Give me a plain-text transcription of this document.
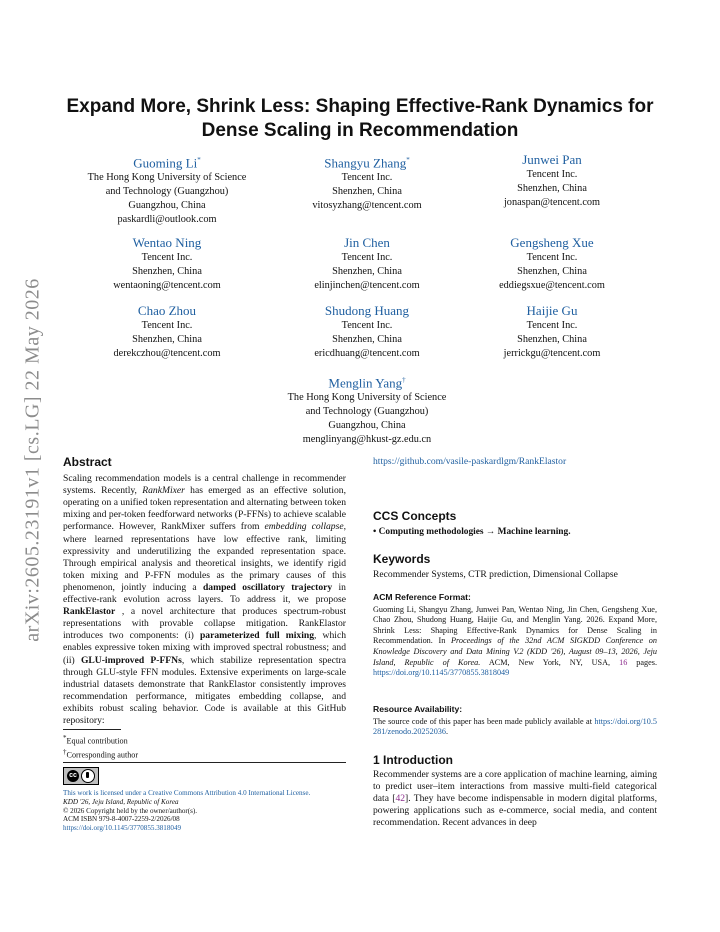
arXiv:2605.23191v1 [cs.LG] 22 May 2026
Expand More, Shrink Less: Shaping Effective-Rank Dynamics for
Dense Scaling in Recommendation
Guoming Li*
The Hong Kong University of Science
and Technology (Guangzhou)
Guangzhou, China
paskardli@outlook.com
Shangyu Zhang*
Tencent Inc.
Shenzhen, China
vitosyzhang@tencent.com
Junwei Pan
Tencent Inc.
Shenzhen, China
jonaspan@tencent.com
Wentao Ning
Tencent Inc.
Shenzhen, China
wentaoning@tencent.com
Jin Chen
Tencent Inc.
Shenzhen, China
elinjinchen@tencent.com
Gengsheng Xue
Tencent Inc.
Shenzhen, China
eddiegsxue@tencent.com
Chao Zhou
Tencent Inc.
Shenzhen, China
derekczhou@tencent.com
Shudong Huang
Tencent Inc.
Shenzhen, China
ericdhuang@tencent.com
Haijie Gu
Tencent Inc.
Shenzhen, China
jerrickgu@tencent.com
Menglin Yang†
The Hong Kong University of Science
and Technology (Guangzhou)
Guangzhou, China
menglinyang@hkust-gz.edu.cn
Abstract

Scaling recommendation models is a central challenge in recommender systems. Recently, RankMixer has emerged as an effective solution, operating on a unified token representation and alternating between token mixing and per-token feedforward networks (P-FFNs) to achieve scalable performance. However, RankMixer suffers from embedding collapse, where learned representations have low effective rank, limiting expressivity and underutilizing the expanded representation space. Through empirical analysis and theoretical insights, we identify rigid token mixing and P-FFN modules as the primary causes of this phenomenon, jointly inducing a damped oscillatory trajectory in effective-rank evolution across layers. To address it, we propose RankElastor , a novel architecture that produces spectrum-robust representations with provable collapse mitigation. RankElastor introduces two components: (i) parameterized full mixing, which enables expressive token mixing with improved spectral robustness; and (ii) GLU-improved P-FFNs, which stabilize representation spectra through GLU-style FFN modules. Extensive experiments on large-scale industrial datasets demonstrate that RankElastor consistently improves recommendation performance, mitigates embedding collapse, and exhibits robust scaling behavior. Code is available at this GitHub repository:

*Equal contribution
†Corresponding author
cc
This work is licensed under a Creative Commons Attribution 4.0 International License.
KDD '26, Jeju Island, Republic of Korea
© 2026 Copyright held by the owner/author(s).
ACM ISBN 979-8-4007-2259-2/2026/08
https://doi.org/10.1145/3770855.3818049

https://github.com/vasile-paskardlgm/RankElastor

CCS Concepts

• Computing methodologies → Machine learning.

Keywords

Recommender Systems, CTR prediction, Dimensional Collapse

ACM Reference Format:

Guoming Li, Shangyu Zhang, Junwei Pan, Wentao Ning, Jin Chen, Gengsheng Xue, Chao Zhou, Shudong Huang, Haijie Gu, and Menglin Yang. 2026. Expand More, Shrink Less: Shaping Effective-Rank Dynamics for Dense Scaling in Recommendation. In Proceedings of the 32nd ACM SIGKDD Conference on Knowledge Discovery and Data Mining V.2 (KDD '26), August 09–13, 2026, Jeju Island, Republic of Korea. ACM, New York, NY, USA, 16 pages. https://doi.org/10.1145/3770855.3818049

Resource Availability:

The source code of this paper has been made publicly available at https://doi.org/10.5281/zenodo.20252036.

1 Introduction

Recommender systems are a core application of machine learning, aiming to predict user–item interactions from massive multi-field categorical data [42]. They have become indispensable in modern digital platforms, powering applications such as e-commerce, social media, and content recommendation. Recent advances in deep
